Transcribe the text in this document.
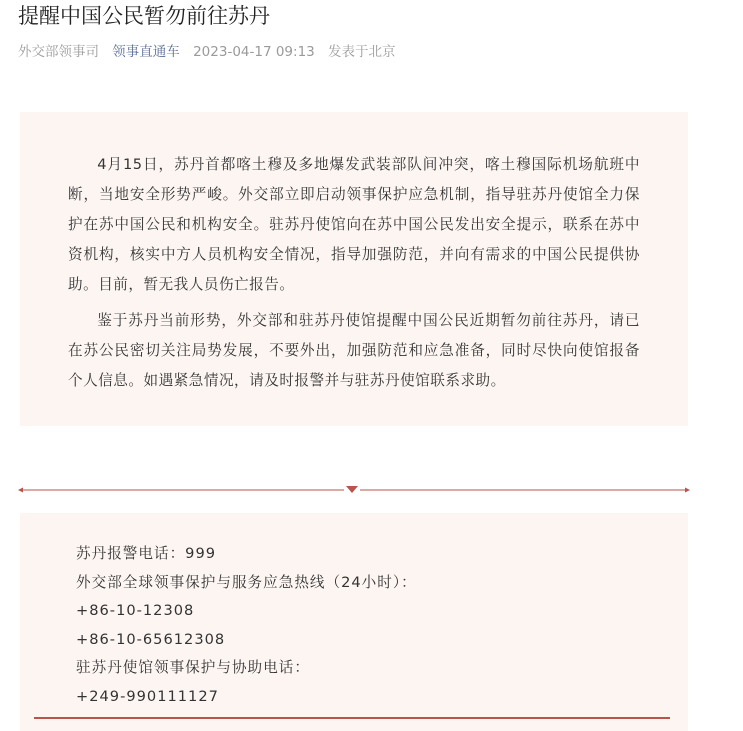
提醒中国公民暂勿前往苏丹
外交部领事司 领事直通车 2023-04-17 09:13 发表于北京

4月15日，苏丹首都喀土穆及多地爆发武装部队间冲突，喀土穆国际机场航班中断，当地安全形势严峻。外交部立即启动领事保护应急机制，指导驻苏丹使馆全力保护在苏中国公民和机构安全。驻苏丹使馆向在苏中国公民发出安全提示，联系在苏中资机构，核实中方人员机构安全情况，指导加强防范，并向有需求的中国公民提供协助。目前，暂无我人员伤亡报告。

鉴于苏丹当前形势，外交部和驻苏丹使馆提醒中国公民近期暂勿前往苏丹，请已在苏公民密切关注局势发展，不要外出，加强防范和应急准备，同时尽快向使馆报备个人信息。如遇紧急情况，请及时报警并与驻苏丹使馆联系求助。

苏丹报警电话：999
外交部全球领事保护与服务应急热线（24小时）：
+86-10-12308
+86-10-65612308
驻苏丹使馆领事保护与协助电话：
+249-990111127
